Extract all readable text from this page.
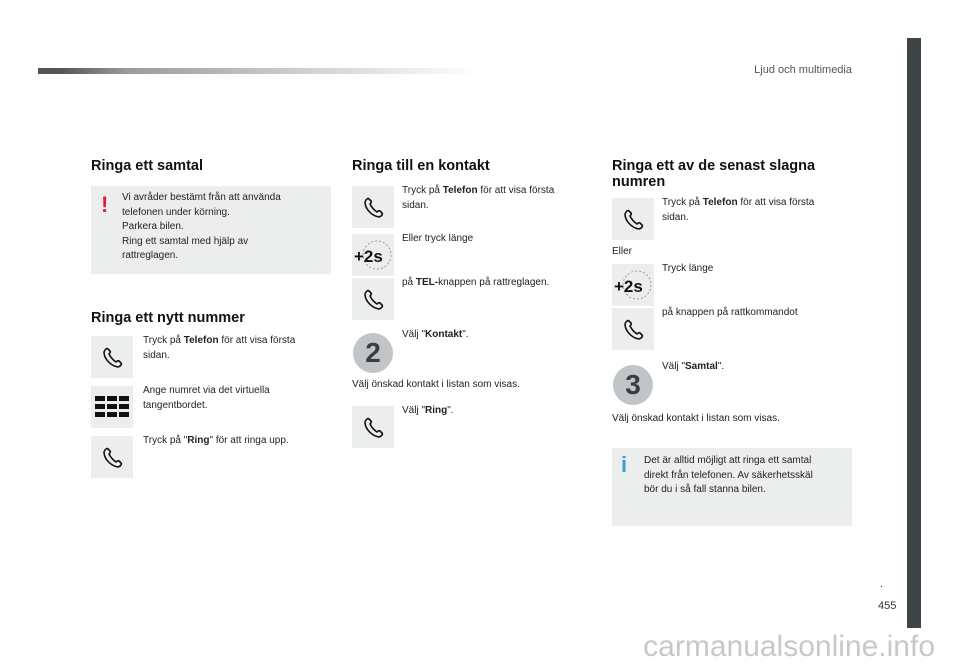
Ljud och multimedia
.
455
carmanualsonline.info
Ringa ett samtal
! Vi avråder bestämt från att använda
telefonen under körning.
Parkera bilen.
Ring ett samtal med hjälp av
rattreglagen.
Ringa ett nytt nummer
Tryck på Telefon för att visa första
sidan.
Ange numret via det virtuella
tangentbordet.
Tryck på "Ring" för att ringa upp.
Ringa till en kontakt
Tryck på Telefon för att visa första
sidan.
+2s
Eller tryck länge
på TEL-knappen på rattreglagen.
2
Välj "Kontakt".
Välj önskad kontakt i listan som visas.
Välj "Ring".
Ringa ett av de senast slagna
numren
Tryck på Telefon för att visa första
sidan.
Eller
+2s
Tryck länge
på knappen på rattkommandot
3
Välj "Samtal".
Välj önskad kontakt i listan som visas.
i Det är alltid möjligt att ringa ett samtal
direkt från telefonen. Av säkerhetsskäl
bör du i så fall stanna bilen.
